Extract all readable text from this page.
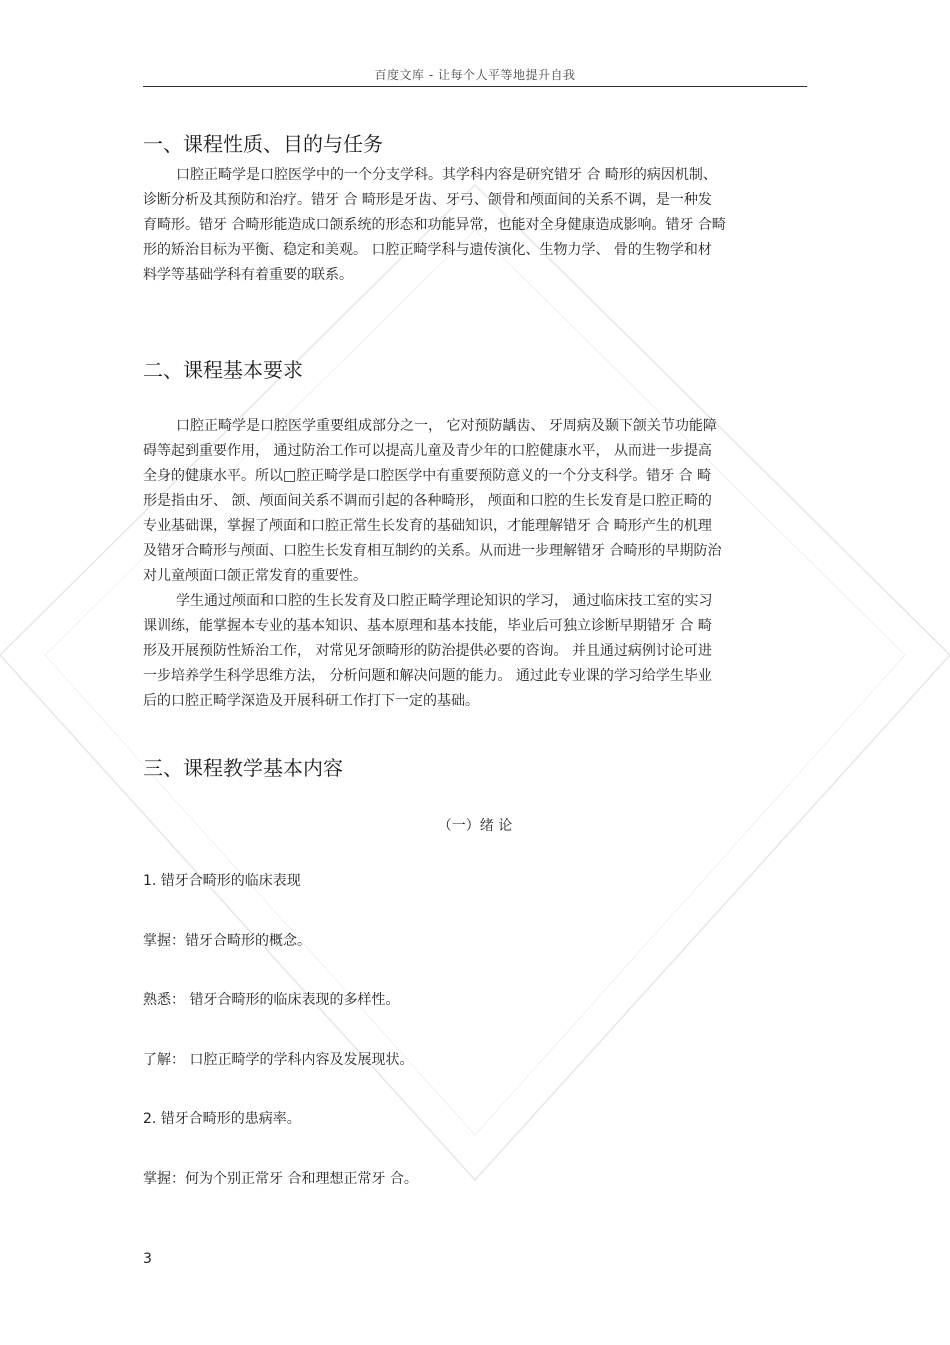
百度文库 - 让每个人平等地提升自我
一、课程性质、目的与任务
口腔正畸学是口腔医学中的一个分支学科。其学科内容是研究错牙 合 畸形的病因机制、
诊断分析及其预防和治疗。错牙 合 畸形是牙齿、牙弓、颌骨和颅面间的关系不调，是一种发
育畸形。错牙 合畸形能造成口颌系统的形态和功能异常，也能对全身健康造成影响。错牙 合畸
形的矫治目标为平衡、稳定和美观。 口腔正畸学科与遗传演化、生物力学、 骨的生物学和材
料学等基础学科有着重要的联系。
二、课程基本要求
口腔正畸学是口腔医学重要组成部分之一， 它对预防龋齿、 牙周病及颞下颌关节功能障
碍等起到重要作用， 通过防治工作可以提高儿童及青少年的口腔健康水平， 从而进一步提高
全身的健康水平。所以□腔正畸学是口腔医学中有重要预防意义的一个分支科学。错牙 合 畸
形是指由牙、 颌、颅面间关系不调而引起的各种畸形， 颅面和口腔的生长发育是口腔正畸的
专业基础课，掌握了颅面和口腔正常生长发育的基础知识，才能理解错牙 合 畸形产生的机理
及错牙合畸形与颅面、口腔生长发育相互制约的关系。从而进一步理解错牙 合畸形的早期防治
对儿童颅面口颌正常发育的重要性。
学生通过颅面和口腔的生长发育及口腔正畸学理论知识的学习， 通过临床技工室的实习
课训练，能掌握本专业的基本知识、基本原理和基本技能，毕业后可独立诊断早期错牙 合 畸
形及开展预防性矫治工作， 对常见牙颌畸形的防治提供必要的咨询。 并且通过病例讨论可进
一步培养学生科学思维方法， 分析问题和解决问题的能力。 通过此专业课的学习给学生毕业
后的口腔正畸学深造及开展科研工作打下一定的基础。
三、课程教学基本内容
（一）绪 论
1. 错牙合畸形的临床表现
掌握：错牙合畸形的概念。
熟悉： 错牙合畸形的临床表现的多样性。
了解： 口腔正畸学的学科内容及发展现状。
2. 错牙合畸形的患病率。
掌握：何为个别正常牙 合和理想正常牙 合。
3
